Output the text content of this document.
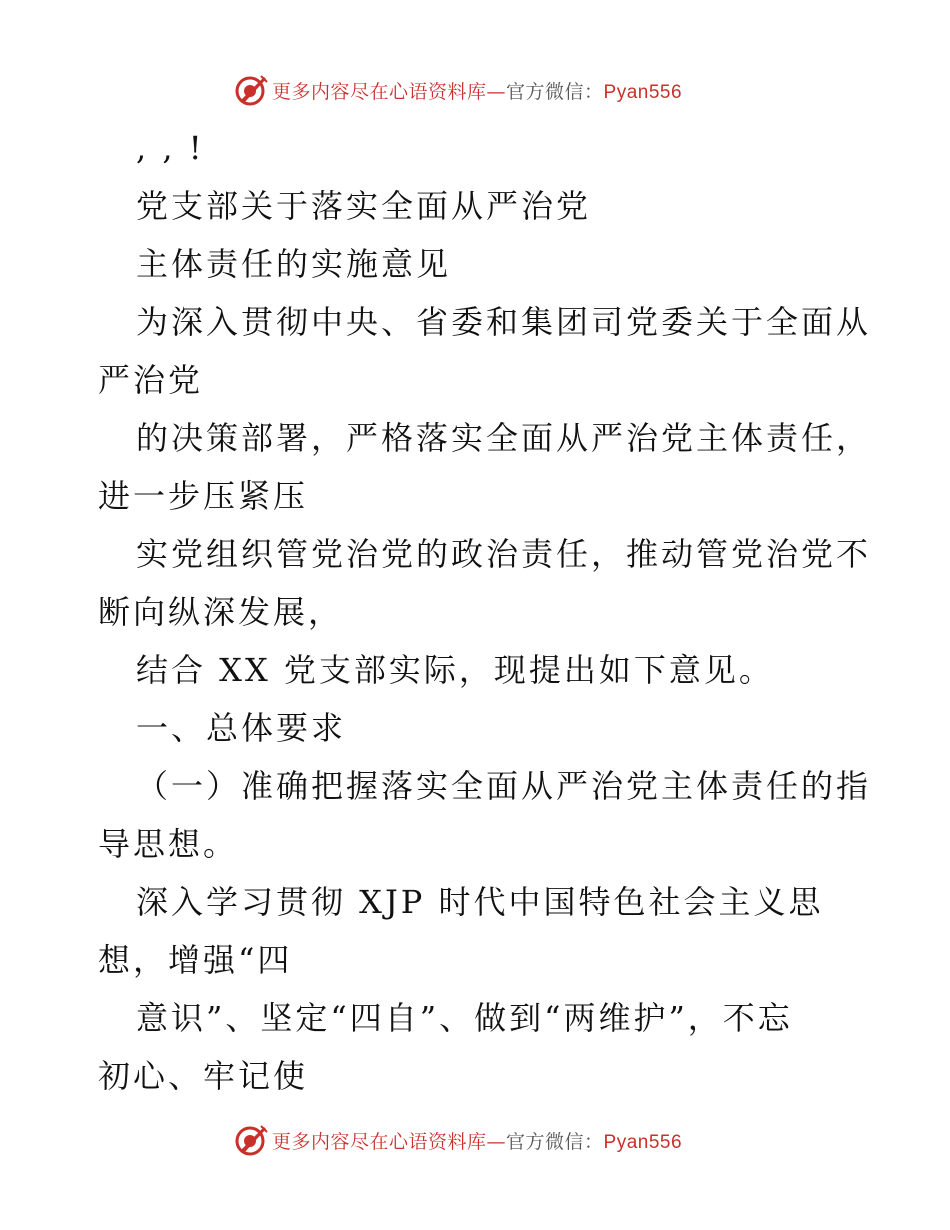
更多内容尽在心语资料库—官方微信：Pyan556
, , !
党支部关于落实全面从严治党
主体责任的实施意见
为深入贯彻中央、省委和集团司党委关于全面从
严治党
的决策部署，严格落实全面从严治党主体责任，
进一步压紧压
实党组织管党治党的政治责任，推动管党治党不
断向纵深发展，
结合 XX 党支部实际，现提出如下意见。
一、总体要求
（一）准确把握落实全面从严治党主体责任的指
导思想。
深入学习贯彻 XJP 时代中国特色社会主义思
想，增强“四
意识”、坚定“四自”、做到“两维护”，不忘
初心、牢记使
更多内容尽在心语资料库—官方微信：Pyan556
